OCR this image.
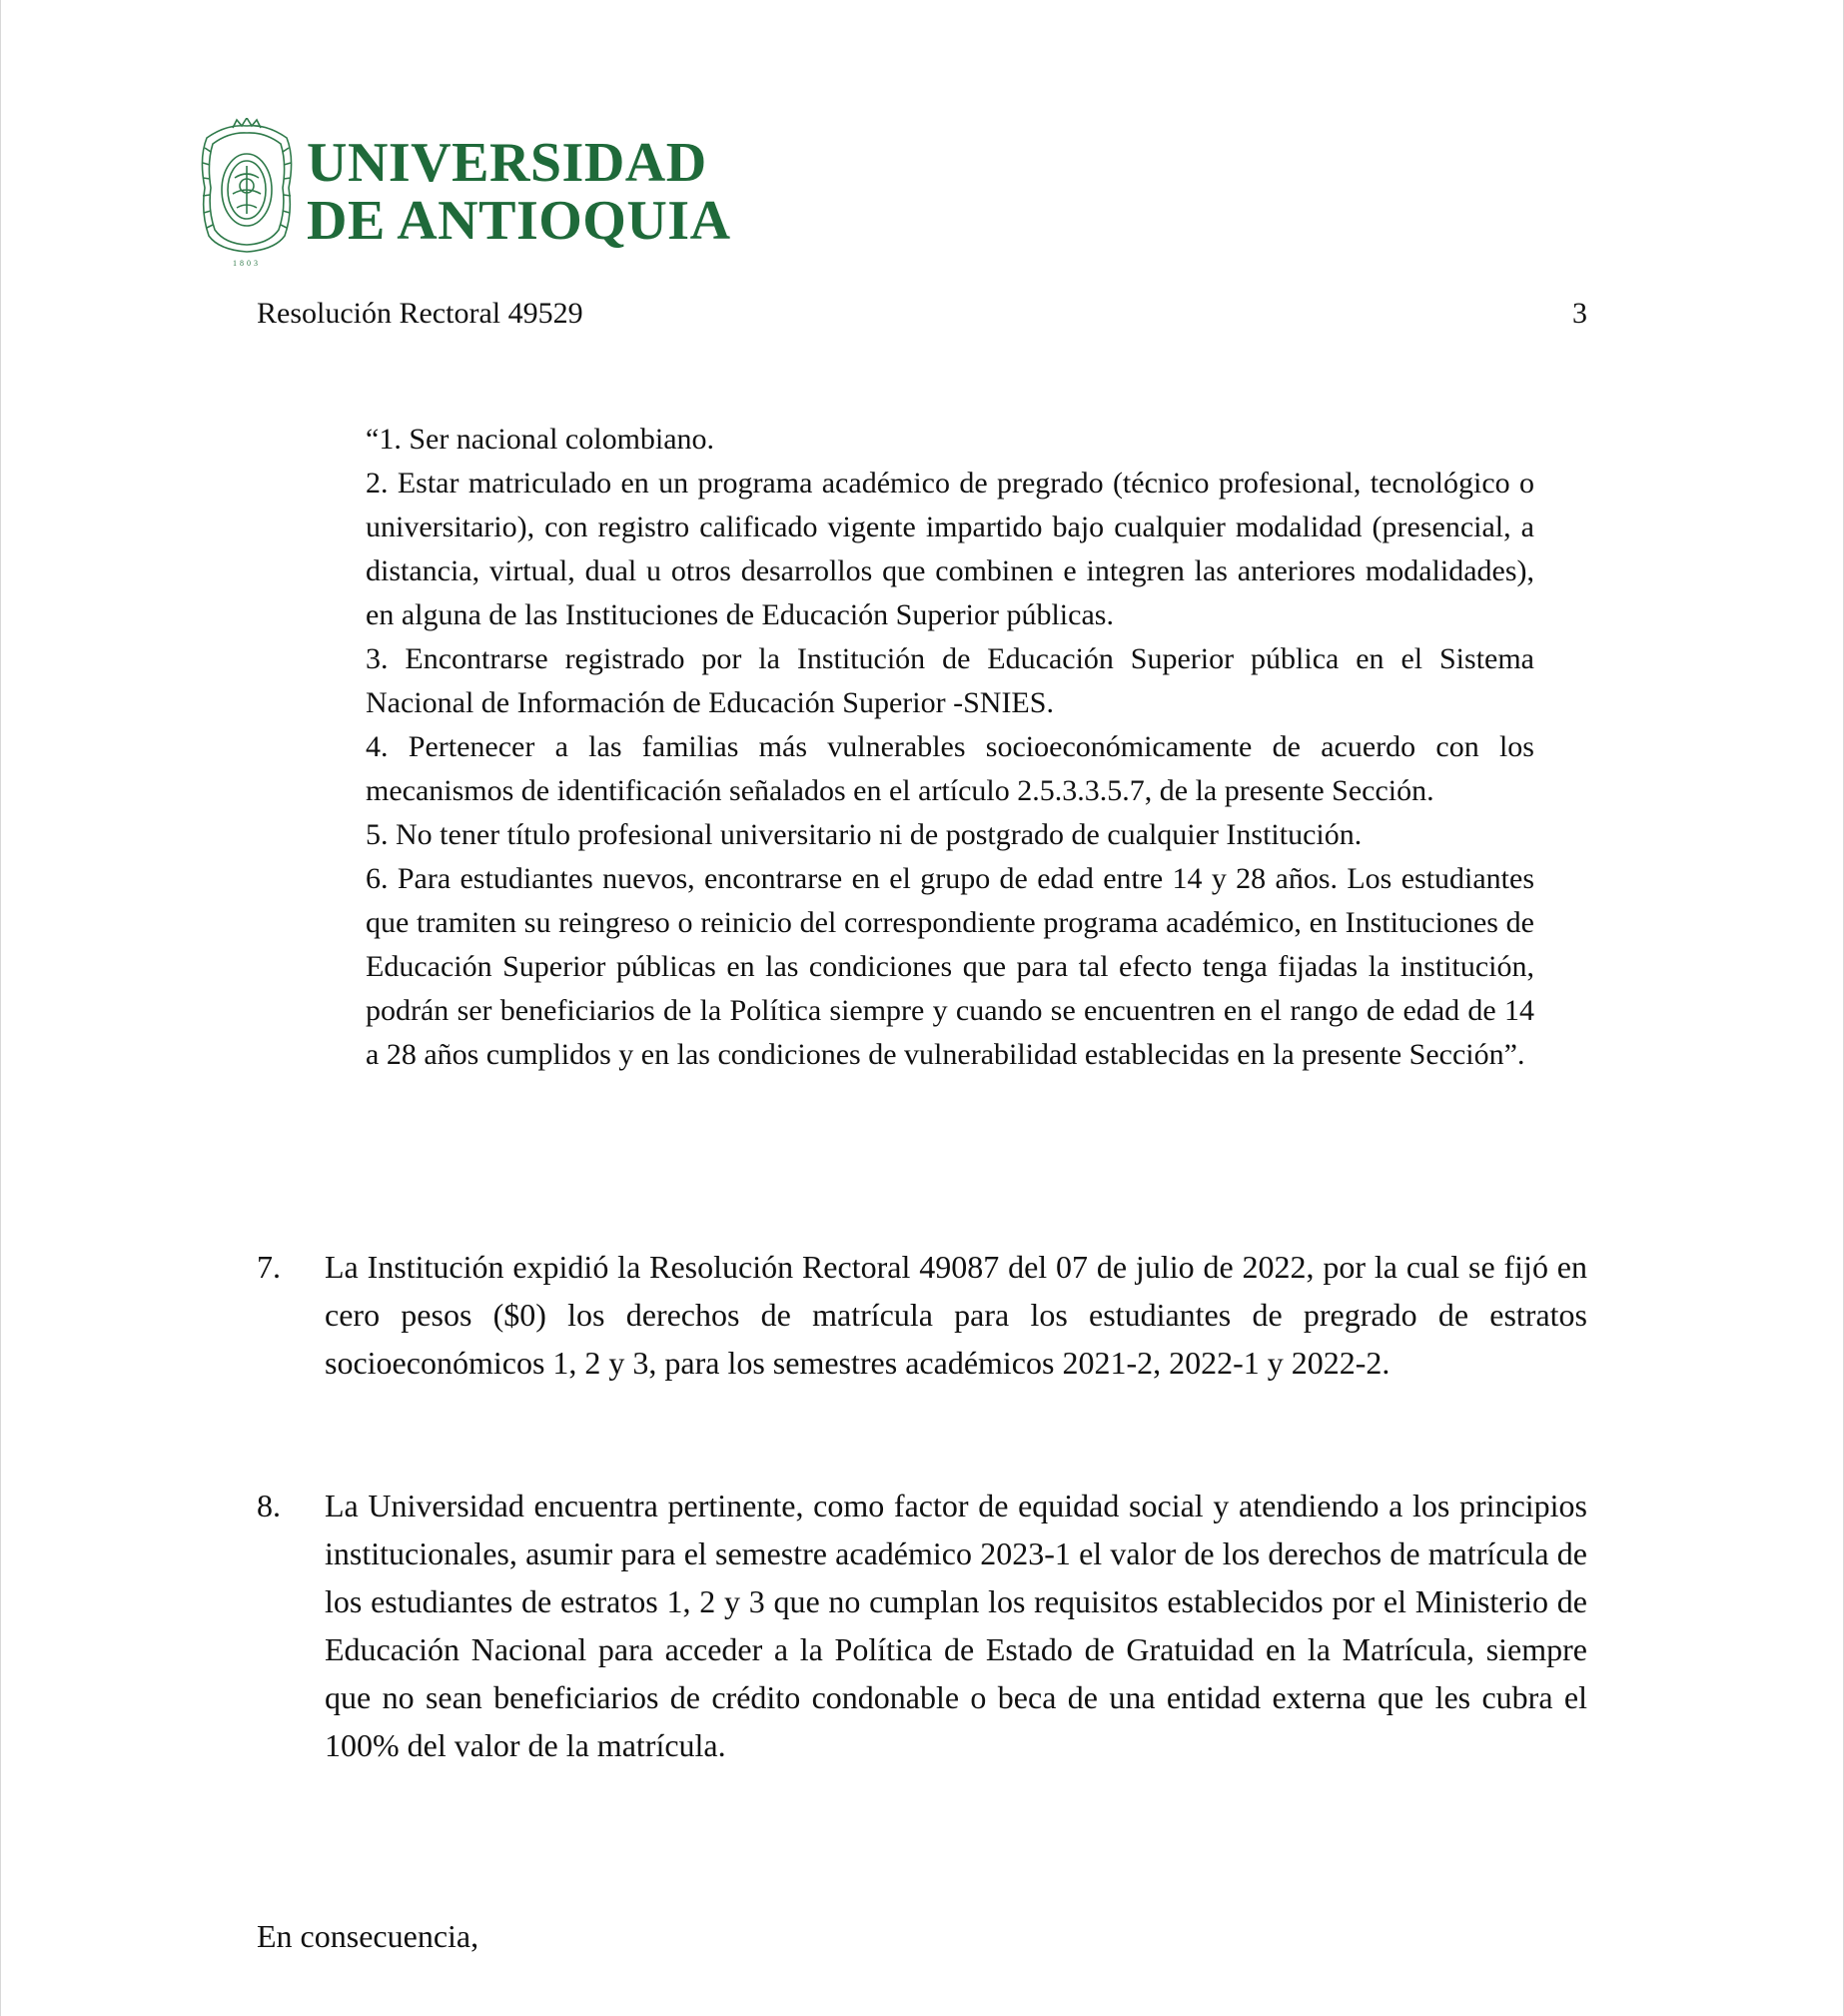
1803
UNIVERSIDAD
DE ANTIOQUIA
Resolución Rectoral 49529	3

“1. Ser nacional colombiano.

2. Estar matriculado en un programa académico de pregrado (técnico profesional, tecnológico o universitario), con registro calificado vigente impartido bajo cualquier modalidad (presencial, a distancia, virtual, dual u otros desarrollos que combinen e integren las anteriores modalidades), en alguna de las Instituciones de Educación Superior públicas.

3. Encontrarse registrado por la Institución de Educación Superior pública en el Sistema Nacional de Información de Educación Superior -SNIES.

4. Pertenecer a las familias más vulnerables socioeconómicamente de acuerdo con los mecanismos de identificación señalados en el artículo 2.5.3.3.5.7, de la presente Sección.

5. No tener título profesional universitario ni de postgrado de cualquier Institución.

6. Para estudiantes nuevos, encontrarse en el grupo de edad entre 14 y 28 años. Los estudiantes que tramiten su reingreso o reinicio del correspondiente programa académico, en Instituciones de Educación Superior públicas en las condiciones que para tal efecto tenga fijadas la institución, podrán ser beneficiarios de la Política siempre y cuando se encuentren en el rango de edad de 14 a 28 años cumplidos y en las condiciones de vulnerabilidad establecidas en la presente Sección”.

7.	La Institución expidió la Resolución Rectoral 49087 del 07 de julio de 2022, por la cual se fijó en cero pesos ($0) los derechos de matrícula para los estudiantes de pregrado de estratos socioeconómicos 1, 2 y 3, para los semestres académicos 2021-2, 2022-1 y 2022-2.
8.	La Universidad encuentra pertinente, como factor de equidad social y atendiendo a los principios institucionales, asumir para el semestre académico 2023-1 el valor de los derechos de matrícula de los estudiantes de estratos 1, 2 y 3 que no cumplan los requisitos establecidos por el Ministerio de Educación Nacional para acceder a la Política de Estado de Gratuidad en la Matrícula, siempre que no sean beneficiarios de crédito condonable o beca de una entidad externa que les cubra el 100% del valor de la matrícula.
En consecuencia,
